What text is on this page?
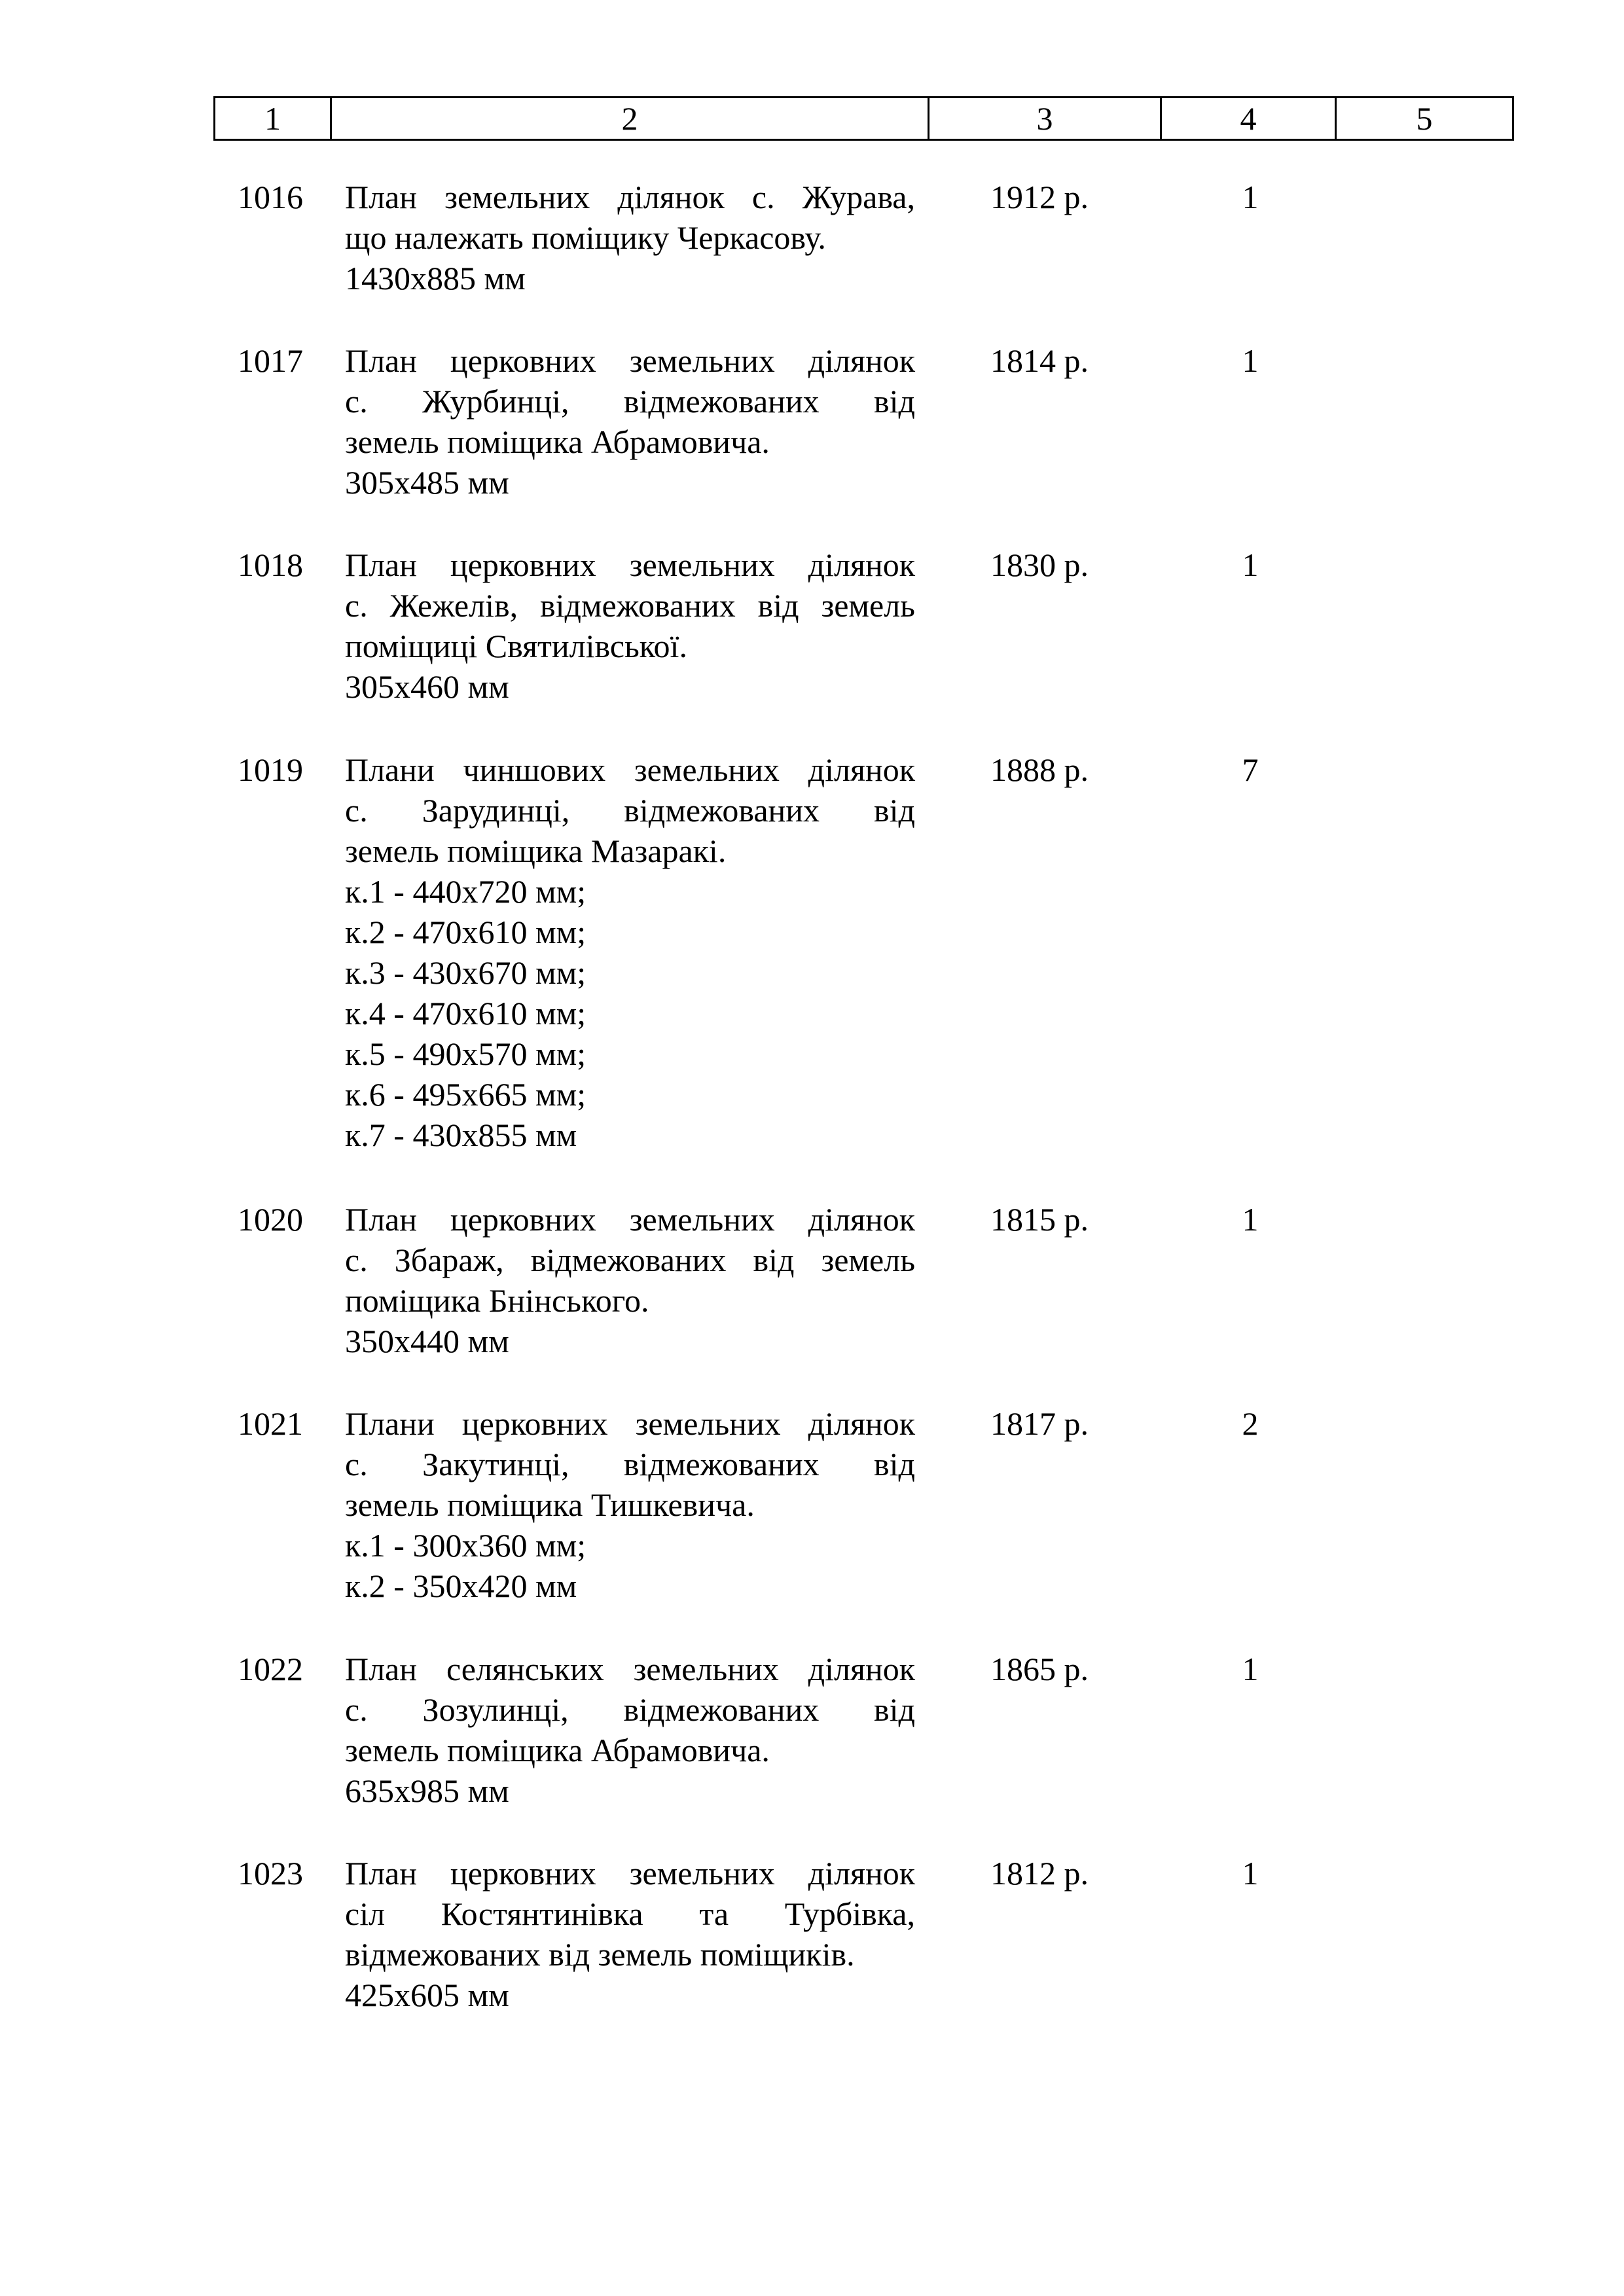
1	2	3	4	5
1016	План земельних ділянок с. Журава,
що належать поміщику Черкасову.
1430х885 мм
1912 р.	1
1017	План церковних земельних ділянок
с. Журбинці, відмежованих від
земель поміщика Абрамовича.
305х485 мм
1814 р.	1
1018	План церковних земельних ділянок
с. Жежелів, відмежованих від земель
поміщиці Святилівської.
305х460 мм
1830 р.	1
1019	Плани чиншових земельних ділянок
с. Зарудинці, відмежованих від
земель поміщика Мазаракі.
к.1 - 440х720 мм;
к.2 - 470х610 мм;
к.3 - 430х670 мм;
к.4 - 470х610 мм;
к.5 - 490х570 мм;
к.6 - 495х665 мм;
к.7 - 430х855 мм
1888 р.	7
1020	План церковних земельних ділянок
с. Збараж, відмежованих від земель
поміщика Бнінського.
350х440 мм
1815 р.	1
1021	Плани церковних земельних ділянок
с. Закутинці, відмежованих від
земель поміщика Тишкевича.
к.1 - 300х360 мм;
к.2 - 350х420 мм
1817 р.	2
1022	План селянських земельних ділянок
с. Зозулинці, відмежованих від
земель поміщика Абрамовича.
635х985 мм
1865 р.	1
1023	План церковних земельних ділянок
сіл Костянтинівка та Турбівка,
відмежованих від земель поміщиків.
425х605 мм
1812 р.	1
